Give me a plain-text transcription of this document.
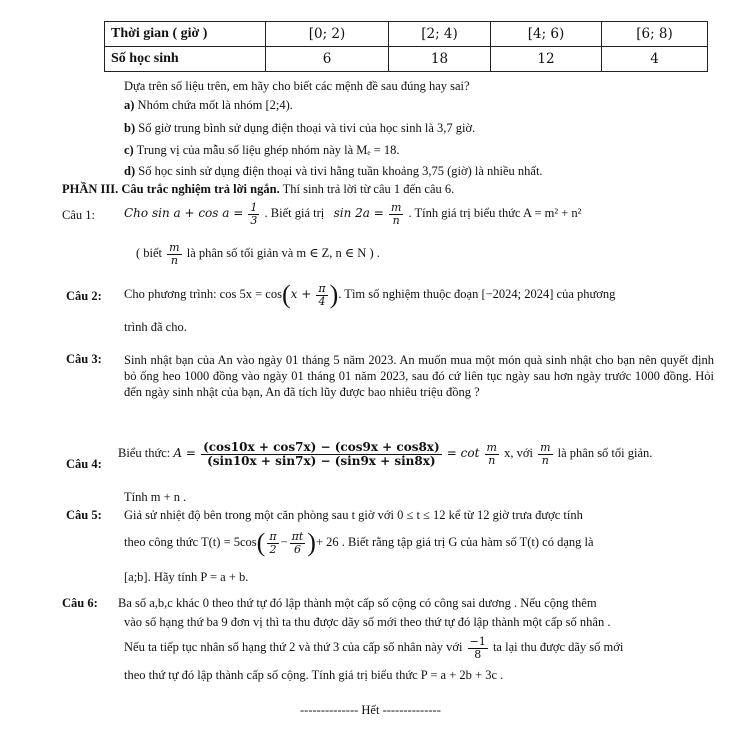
Thời gian ( giờ )	[0; 2)	[2; 4)	[4; 6)	[6; 8)
Số học sinh	6	18	12	4
Dựa trên số liệu trên, em hãy cho biết các mệnh đề sau đúng hay sai?
a) Nhóm chứa mốt là nhóm [2;4).
b) Số giờ trung bình sử dụng điện thoại và tivi của học sinh là 3,7 giờ.
c) Trung vị của mẫu số liệu ghép nhóm này là Mₑ = 18.
d) Số học sinh sử dụng điện thoại và tivi hằng tuần khoảng 3,75 (giờ) là nhiều nhất.
PHẦN III. Câu trắc nghiệm trả lời ngắn. Thí sinh trả lời từ câu 1 đến câu 6.
Câu 1: Cho $\sin a + \cos a = \frac{1}{3}$ . Biết giá trị $\sin 2a = \frac{m}{n}$ . Tính giá trị biểu thức A = m² + n²
( biết $\frac{m}{n}$ là phân số tối giản và m ∈ Z, n ∈ N ) .
Câu 2: Cho phương trình: $\cos 5x = \cos(x + \frac{\pi}{4}$ ). Tìm số nghiệm thuộc đoạn [−2024; 2024] của phương
trình đã cho.
Câu 3: Sinh nhật bạn của An vào ngày 01 tháng 5 năm 2023. An muốn mua một món quà sinh nhật cho bạn nên quyết định bỏ ống heo 1000 đồng vào ngày 01 tháng 01 năm 2023, sau đó cứ liên tục ngày sau hơn ngày trước 1000 đồng. Hỏi đến ngày sinh nhật của bạn, An đã tích lũy được bao nhiêu triệu đồng ?
Câu 4:
Biểu thức: $A = \frac{(\cos 10x + \cos 7x) - (\cos 9x + \cos 8x)}{(\sin 10x + \sin 7x) - (\sin 9x + \sin 8x)} = \cot \frac{m}{n} x$, với $\frac{m}{n}$ là phân số tối giản.
Tính m + n .
Câu 5: Giả sử nhiệt độ bên trong một căn phòng sau t giờ với 0 ≤ t ≤ 12 kể từ 12 giờ trưa được tính
theo công thức $T(t) = 5\cos( \frac{\pi}{2} - \frac{\pi t}{6}$ )+ 26 . Biết rằng tập giá trị G của hàm số T(t) có dạng là
[a;b]. Hãy tính P = a + b.
Câu 6: Ba số a,b,c khác 0 theo thứ tự đó lập thành một cấp số cộng có công sai dương . Nếu cộng thêm
vào số hạng thứ ba 9 đơn vị thì ta thu được dãy số mới theo thứ tự đó lập thành một cấp số nhân .
Nếu ta tiếp tục nhân số hạng thứ 2 và thứ 3 của cấp số nhân này với $\frac{-1}{8}$ ta lại thu được dãy số mới
theo thứ tự đó lập thành cấp số cộng. Tính giá trị biểu thức P = a + 2b + 3c .
-------------- Hết --------------
